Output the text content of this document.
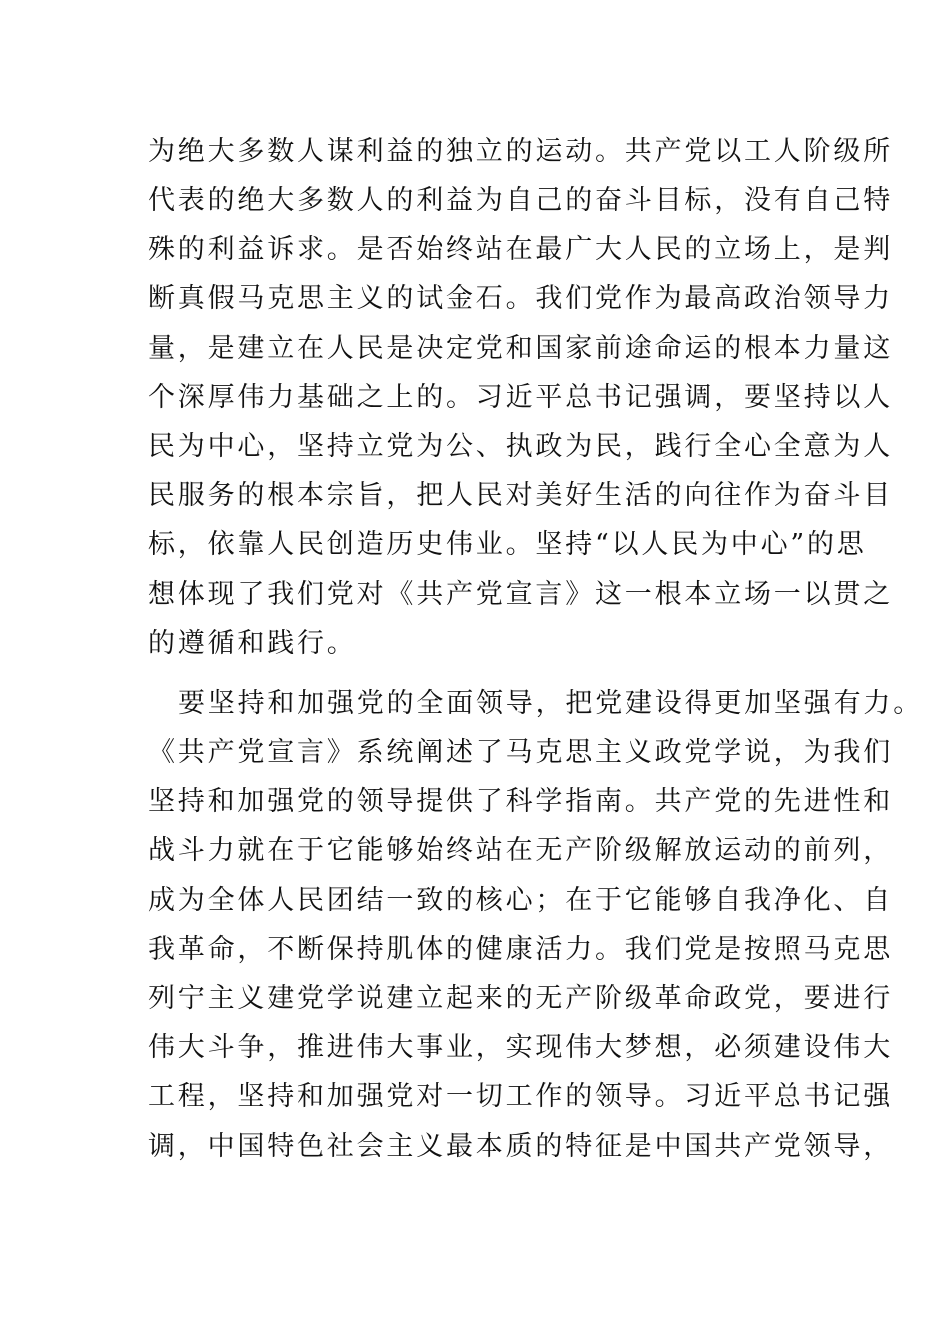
为绝大多数人谋利益的独立的运动。共产党以工人阶级所

代表的绝大多数人的利益为自己的奋斗目标，没有自己特

殊的利益诉求。是否始终站在最广大人民的立场上，是判

断真假马克思主义的试金石。我们党作为最高政治领导力

量，是建立在人民是决定党和国家前途命运的根本力量这

个深厚伟力基础之上的。习近平总书记强调，要坚持以人

民为中心，坚持立党为公、执政为民，践行全心全意为人

民服务的根本宗旨，把人民对美好生活的向往作为奋斗目

标，依靠人民创造历史伟业。坚持“以人民为中心”的思

想体现了我们党对《共产党宣言》这一根本立场一以贯之

的遵循和践行。

要坚持和加强党的全面领导，把党建设得更加坚强有力。

《共产党宣言》系统阐述了马克思主义政党学说，为我们

坚持和加强党的领导提供了科学指南。共产党的先进性和

战斗力就在于它能够始终站在无产阶级解放运动的前列，

成为全体人民团结一致的核心；在于它能够自我净化、自

我革命，不断保持肌体的健康活力。我们党是按照马克思

列宁主义建党学说建立起来的无产阶级革命政党，要进行

伟大斗争，推进伟大事业，实现伟大梦想，必须建设伟大

工程，坚持和加强党对一切工作的领导。习近平总书记强

调，中国特色社会主义最本质的特征是中国共产党领导，
